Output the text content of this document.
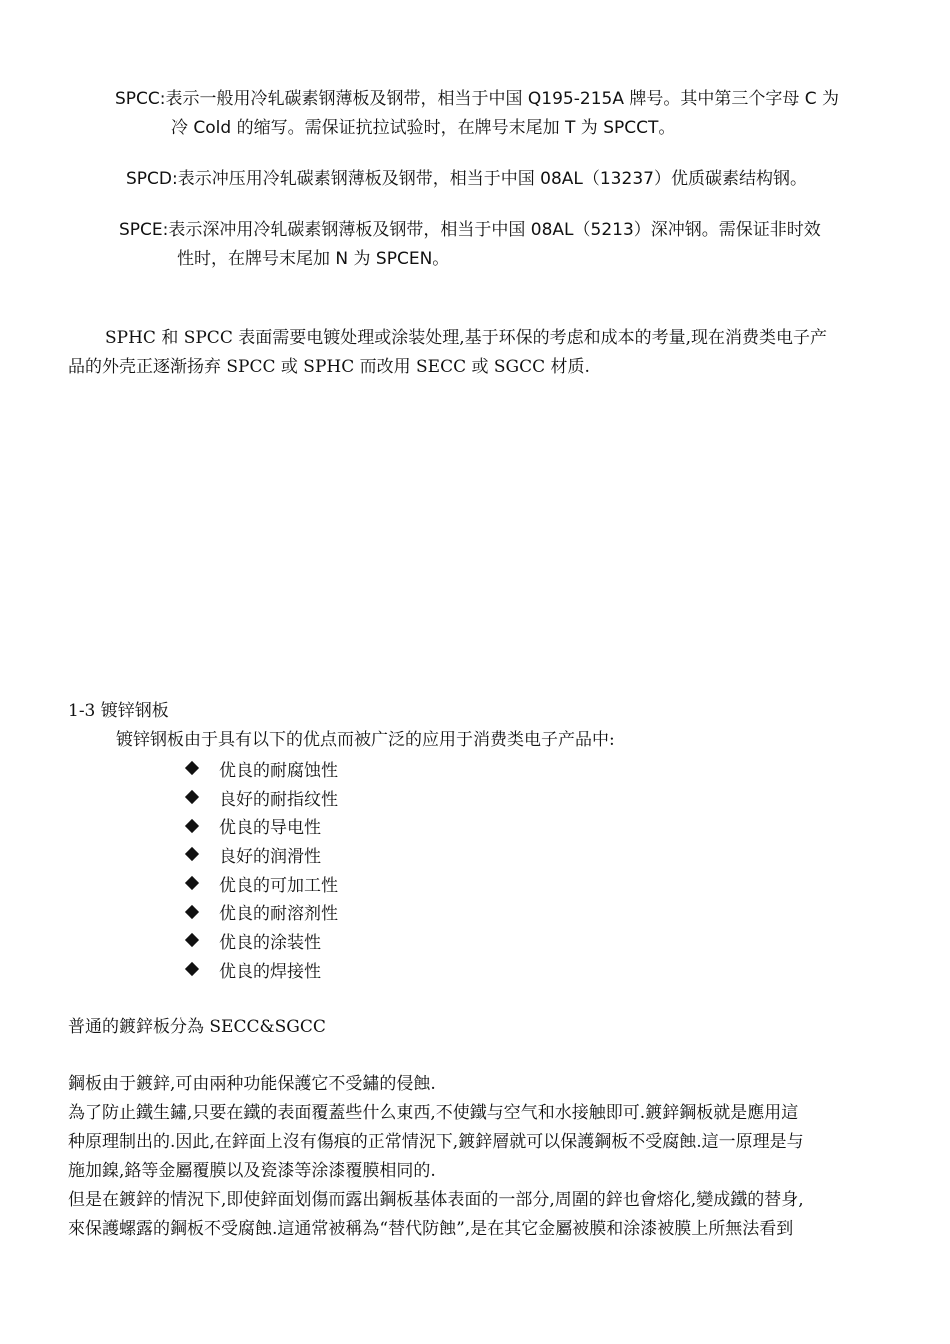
SPCC:表示一般用冷轧碳素钢薄板及钢带，相当于中国 Q195-215A 牌号。其中第三个字母 C 为
冷 Cold 的缩写。需保证抗拉试验时，在牌号末尾加 T 为 SPCCT。
SPCD:表示冲压用冷轧碳素钢薄板及钢带，相当于中国 08AL（13237）优质碳素结构钢。
SPCE:表示深冲用冷轧碳素钢薄板及钢带，相当于中国 08AL（5213）深冲钢。需保证非时效
性时，在牌号末尾加 N 为 SPCEN。
SPHC 和 SPCC 表面需要电镀处理或涂装处理,基于环保的考虑和成本的考量,现在消费类电子产
品的外壳正逐渐扬弃 SPCC 或 SPHC 而改用 SECC 或 SGCC 材质.
1-3 镀锌钢板
镀锌钢板由于具有以下的优点而被广泛的应用于消费类电子产品中:
优良的耐腐蚀性
良好的耐指纹性
优良的导电性
良好的润滑性
优良的可加工性
优良的耐溶剂性
优良的涂装性
优良的焊接性
普通的鍍鋅板分為 SECC&SGCC
鋼板由于鍍鋅,可由兩种功能保護它不受鏽的侵蝕.
為了防止鐵生鏽,只要在鐵的表面覆蓋些什么東西,不使鐵与空气和水接触即可.鍍鋅鋼板就是應用這
种原理制出的.因此,在鋅面上沒有傷痕的正常情況下,鍍鋅層就可以保護鋼板不受腐蝕.這一原理是与
施加鎳,鉻等金屬覆膜以及瓷漆等涂漆覆膜相同的.
但是在鍍鋅的情況下,即使鋅面划傷而露出鋼板基体表面的一部分,周圍的鋅也會熔化,變成鐵的替身,
來保護螺露的鋼板不受腐蝕.這通常被稱為“替代防蝕”,是在其它金屬被膜和涂漆被膜上所無法看到
